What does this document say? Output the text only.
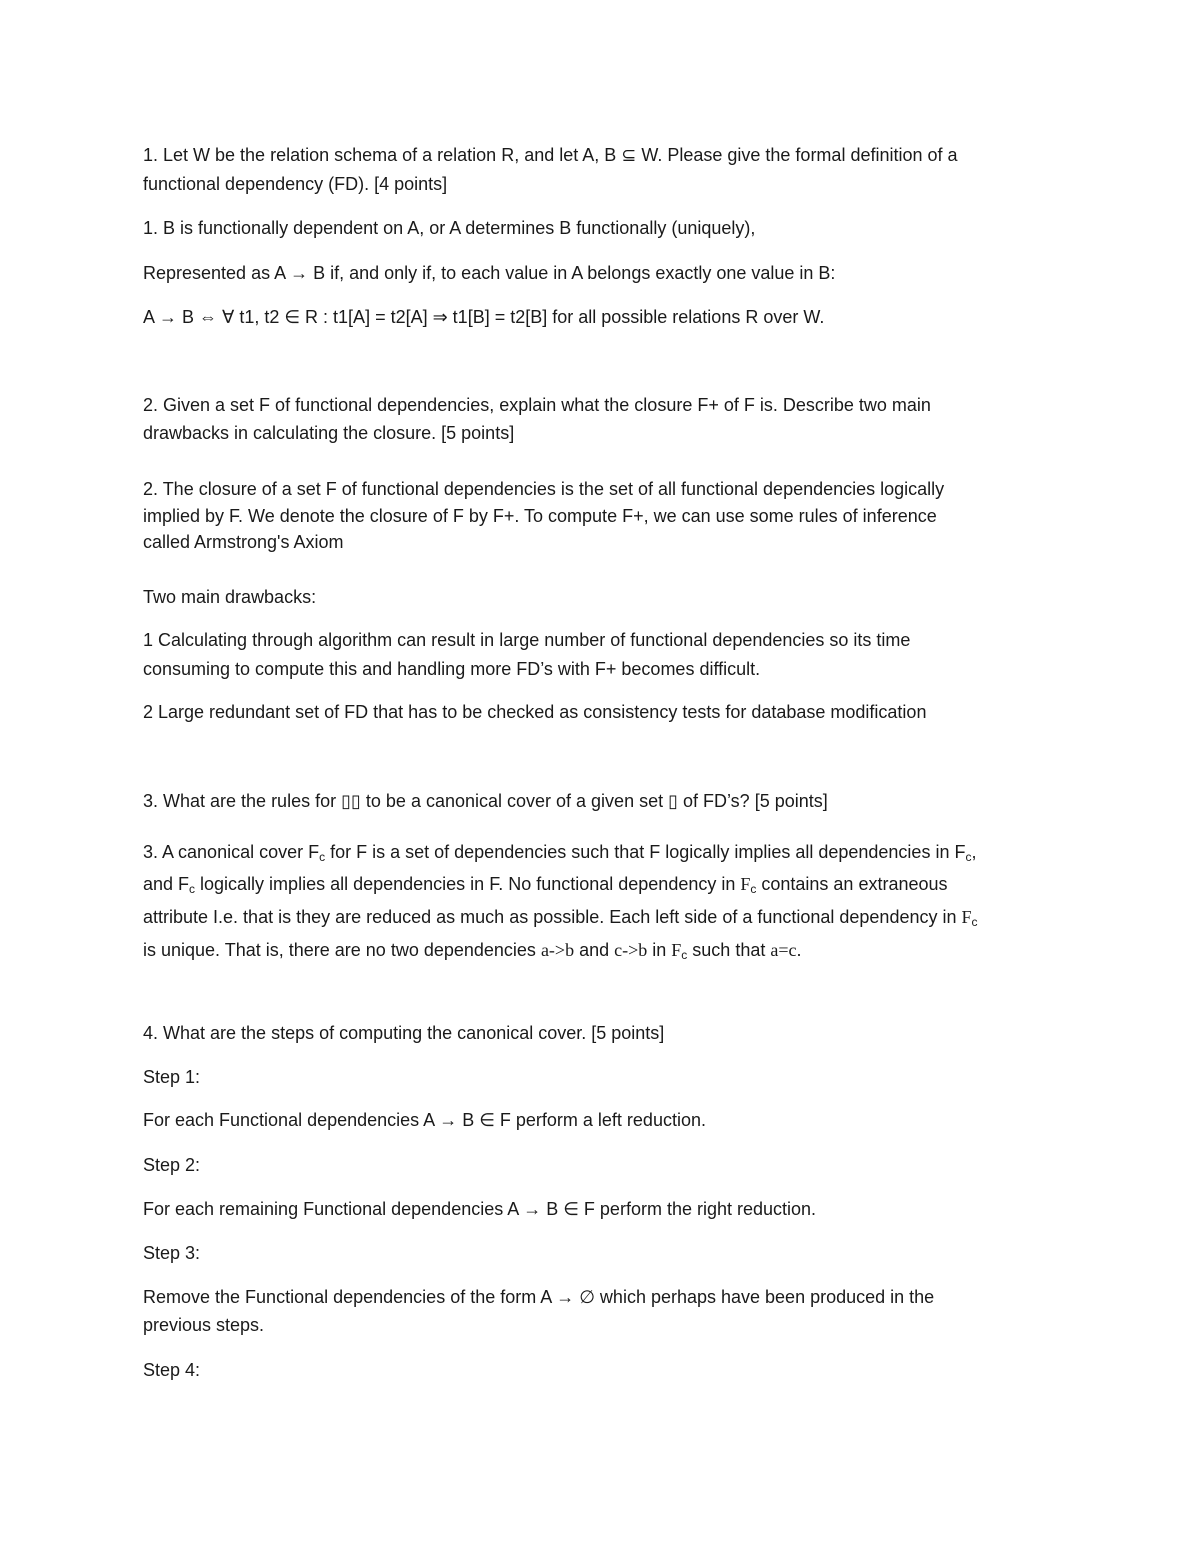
1. Let W be the relation schema of a relation R, and let A, B ⊆ W. Please give the formal definition of a
functional dependency (FD). [4 points]
1. B is functionally dependent on A, or A determines B functionally (uniquely),
Represented as A → B if, and only if, to each value in A belongs exactly one value in B:
A → B ⇔ ∀ t1, t2 ∈ R : t1[A] = t2[A] ⇒ t1[B] = t2[B] for all possible relations R over W.
2. Given a set F of functional dependencies, explain what the closure F+ of F is. Describe two main
drawbacks in calculating the closure. [5 points]
2. The closure of a set F of functional dependencies is the set of all functional dependencies logically
implied by F. We denote the closure of F by F+. To compute F+, we can use some rules of inference
called Armstrong's Axiom
Two main drawbacks:
1 Calculating through algorithm can result in large number of functional dependencies so its time
consuming to compute this and handling more FD’s with F+ becomes difficult.
2 Large redundant set of FD that has to be checked as consistency tests for database modification
3. What are the rules for ▯▯ to be a canonical cover of a given set ▯ of FD’s? [5 points]
3. A canonical cover $F_c$ for F is a set of dependencies such that F logically implies all dependencies in $F_c$,
and $F_c$ logically implies all dependencies in F. No functional dependency in $F_c$ contains an extraneous
attribute I.e. that is they are reduced as much as possible. Each left side of a functional dependency in $F_c$
is unique. That is, there are no two dependencies a->b and c->b in $F_c$ such that a=c.
4. What are the steps of computing the canonical cover. [5 points]
Step 1:
For each Functional dependencies A → B ∈ F perform a left reduction.
Step 2:
For each remaining Functional dependencies A → B ∈ F perform the right reduction.
Step 3:
Remove the Functional dependencies of the form A → ∅ which perhaps have been produced in the
previous steps.
Step 4:
